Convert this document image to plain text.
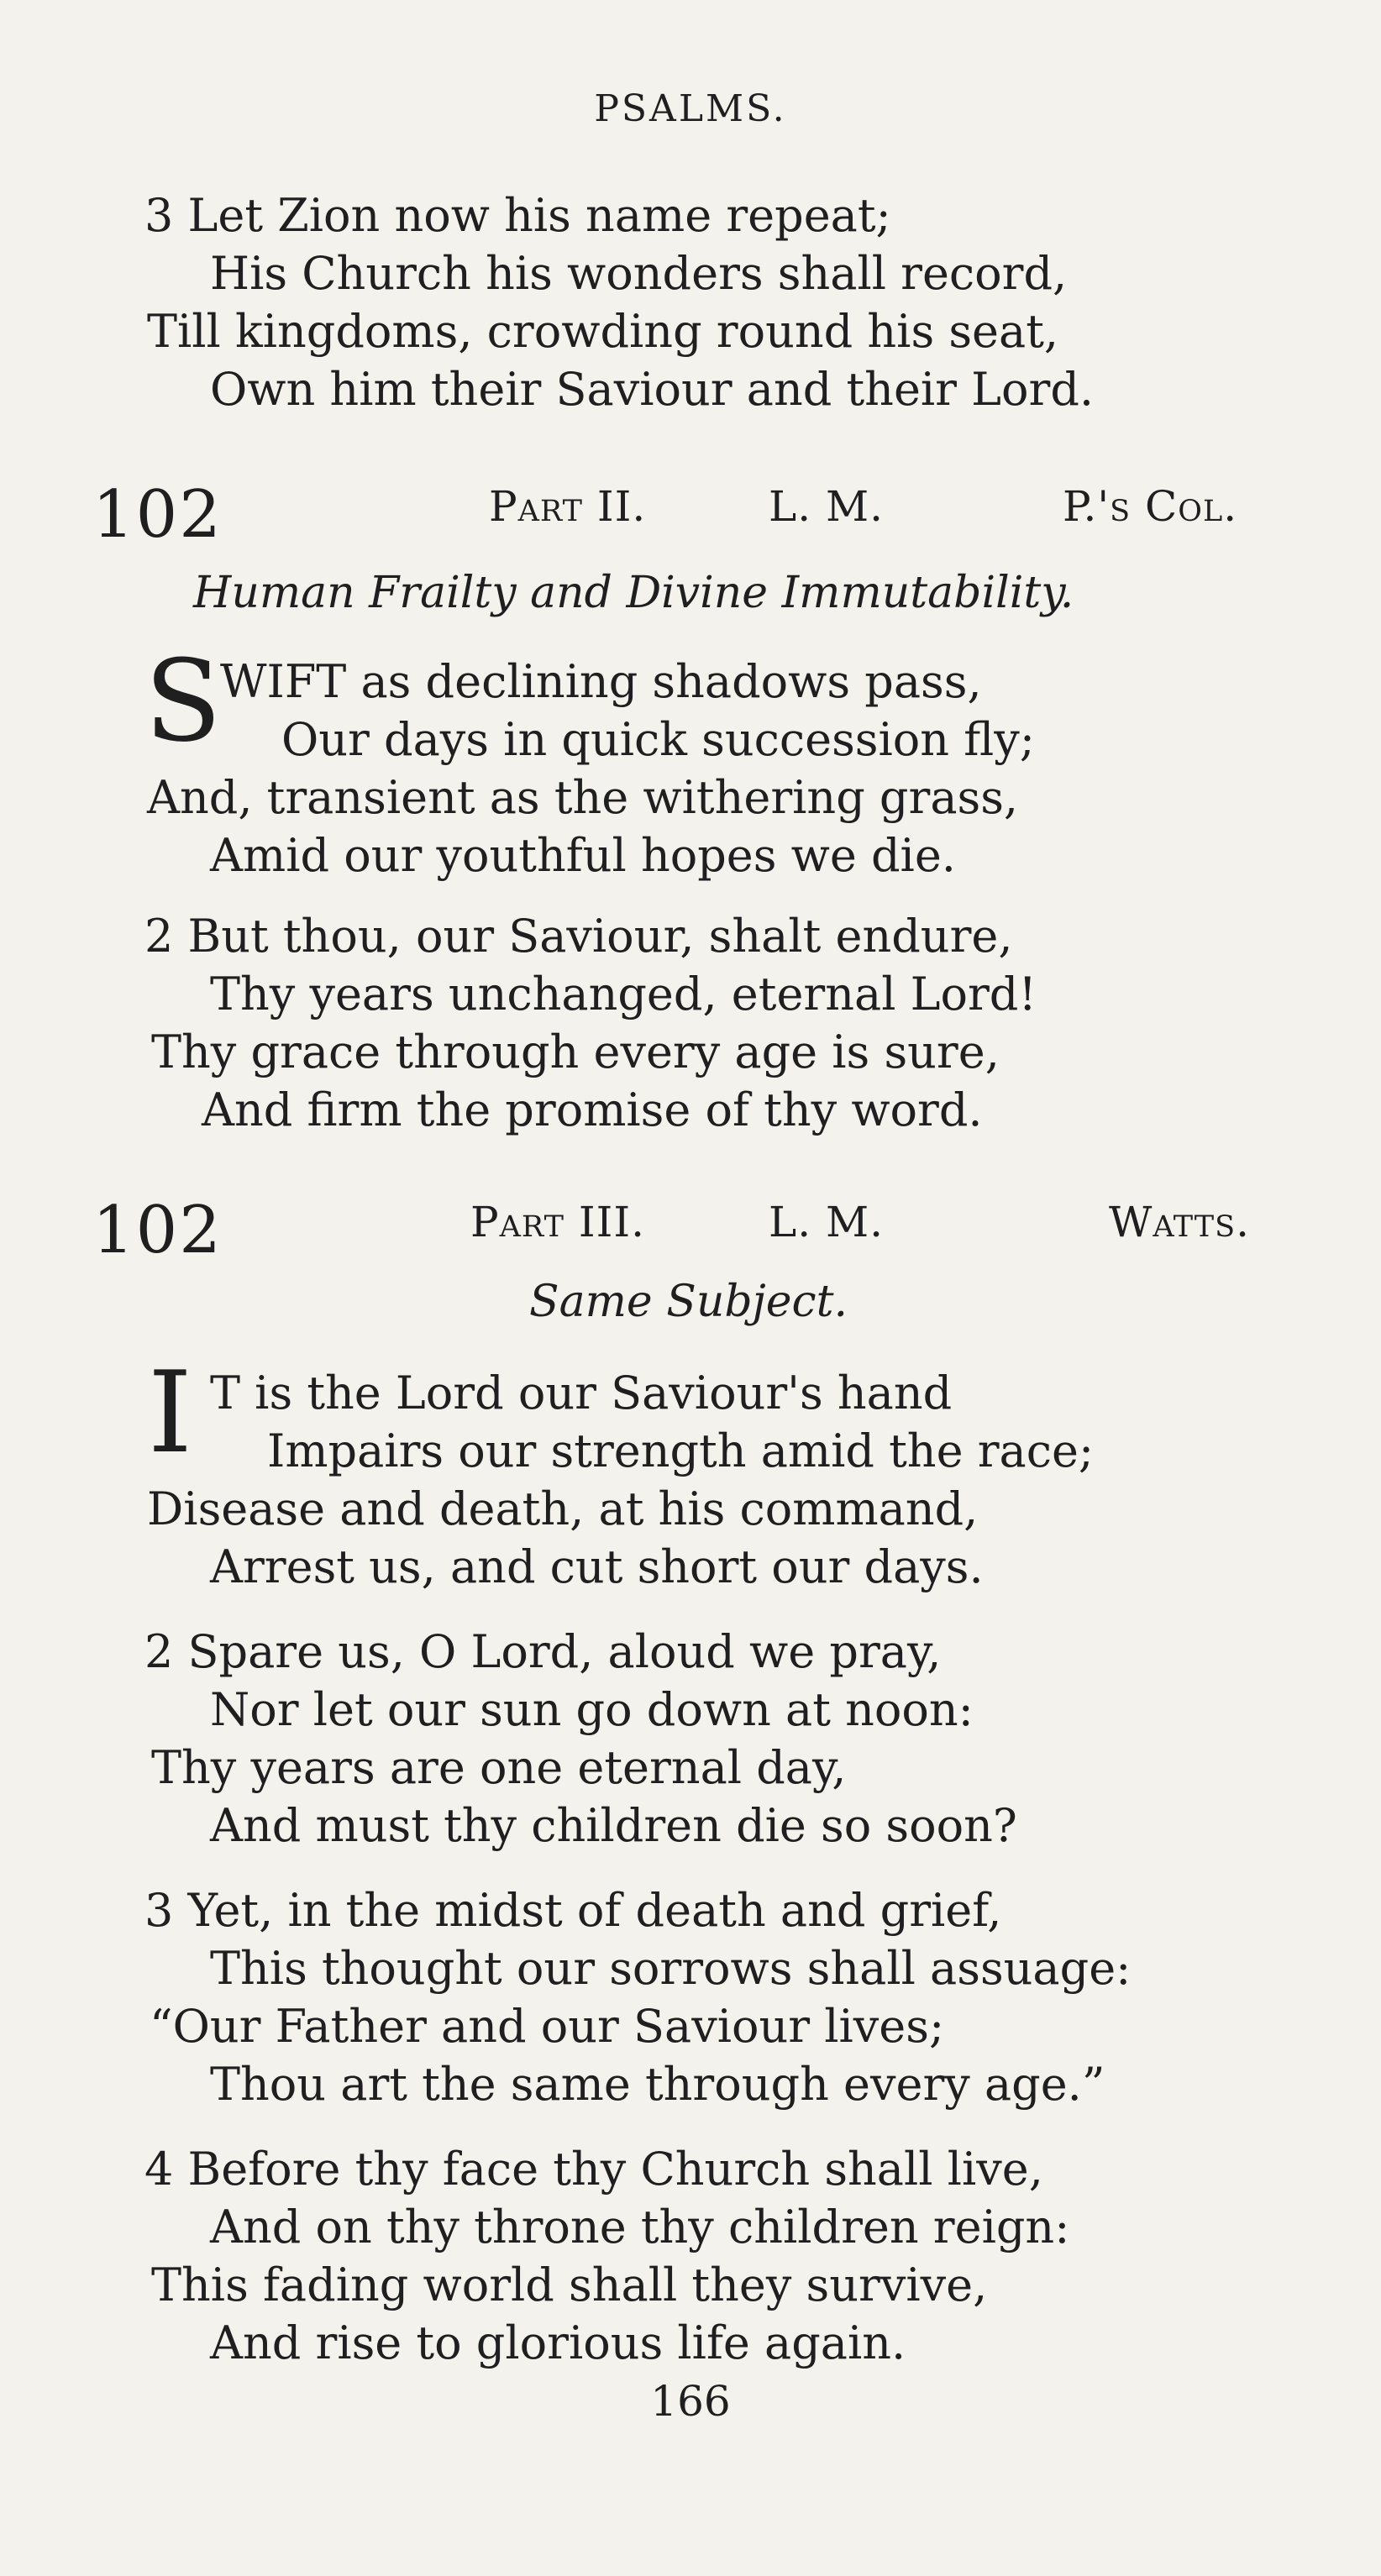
PSALMS.
3 Let Zion now his name repeat;
His Church his wonders shall record,
Till kingdoms, crowding round his seat,
Own him their Saviour and their Lord.
102	Part II.	L. M.	P.'s Col.
Human Frailty and Divine Immutability.
S
WIFT as declining shadows pass,
Our days in quick succession fly;
And, transient as the withering grass,
Amid our youthful hopes we die.
2 But thou, our Saviour, shalt endure,
Thy years unchanged, eternal Lord!
Thy grace through every age is sure,
And firm the promise of thy word.
102	Part III.	L. M.	Watts.
Same Subject.
I T is the Lord our Saviour's hand
Impairs our strength amid the race;
Disease and death, at his command,
Arrest us, and cut short our days.
2 Spare us, O Lord, aloud we pray,
Nor let our sun go down at noon:
Thy years are one eternal day,
And must thy children die so soon?
3 Yet, in the midst of death and grief,
This thought our sorrows shall assuage:
“Our Father and our Saviour lives;
Thou art the same through every age.”
4 Before thy face thy Church shall live,
And on thy throne thy children reign:
This fading world shall they survive,
And rise to glorious life again.
166
